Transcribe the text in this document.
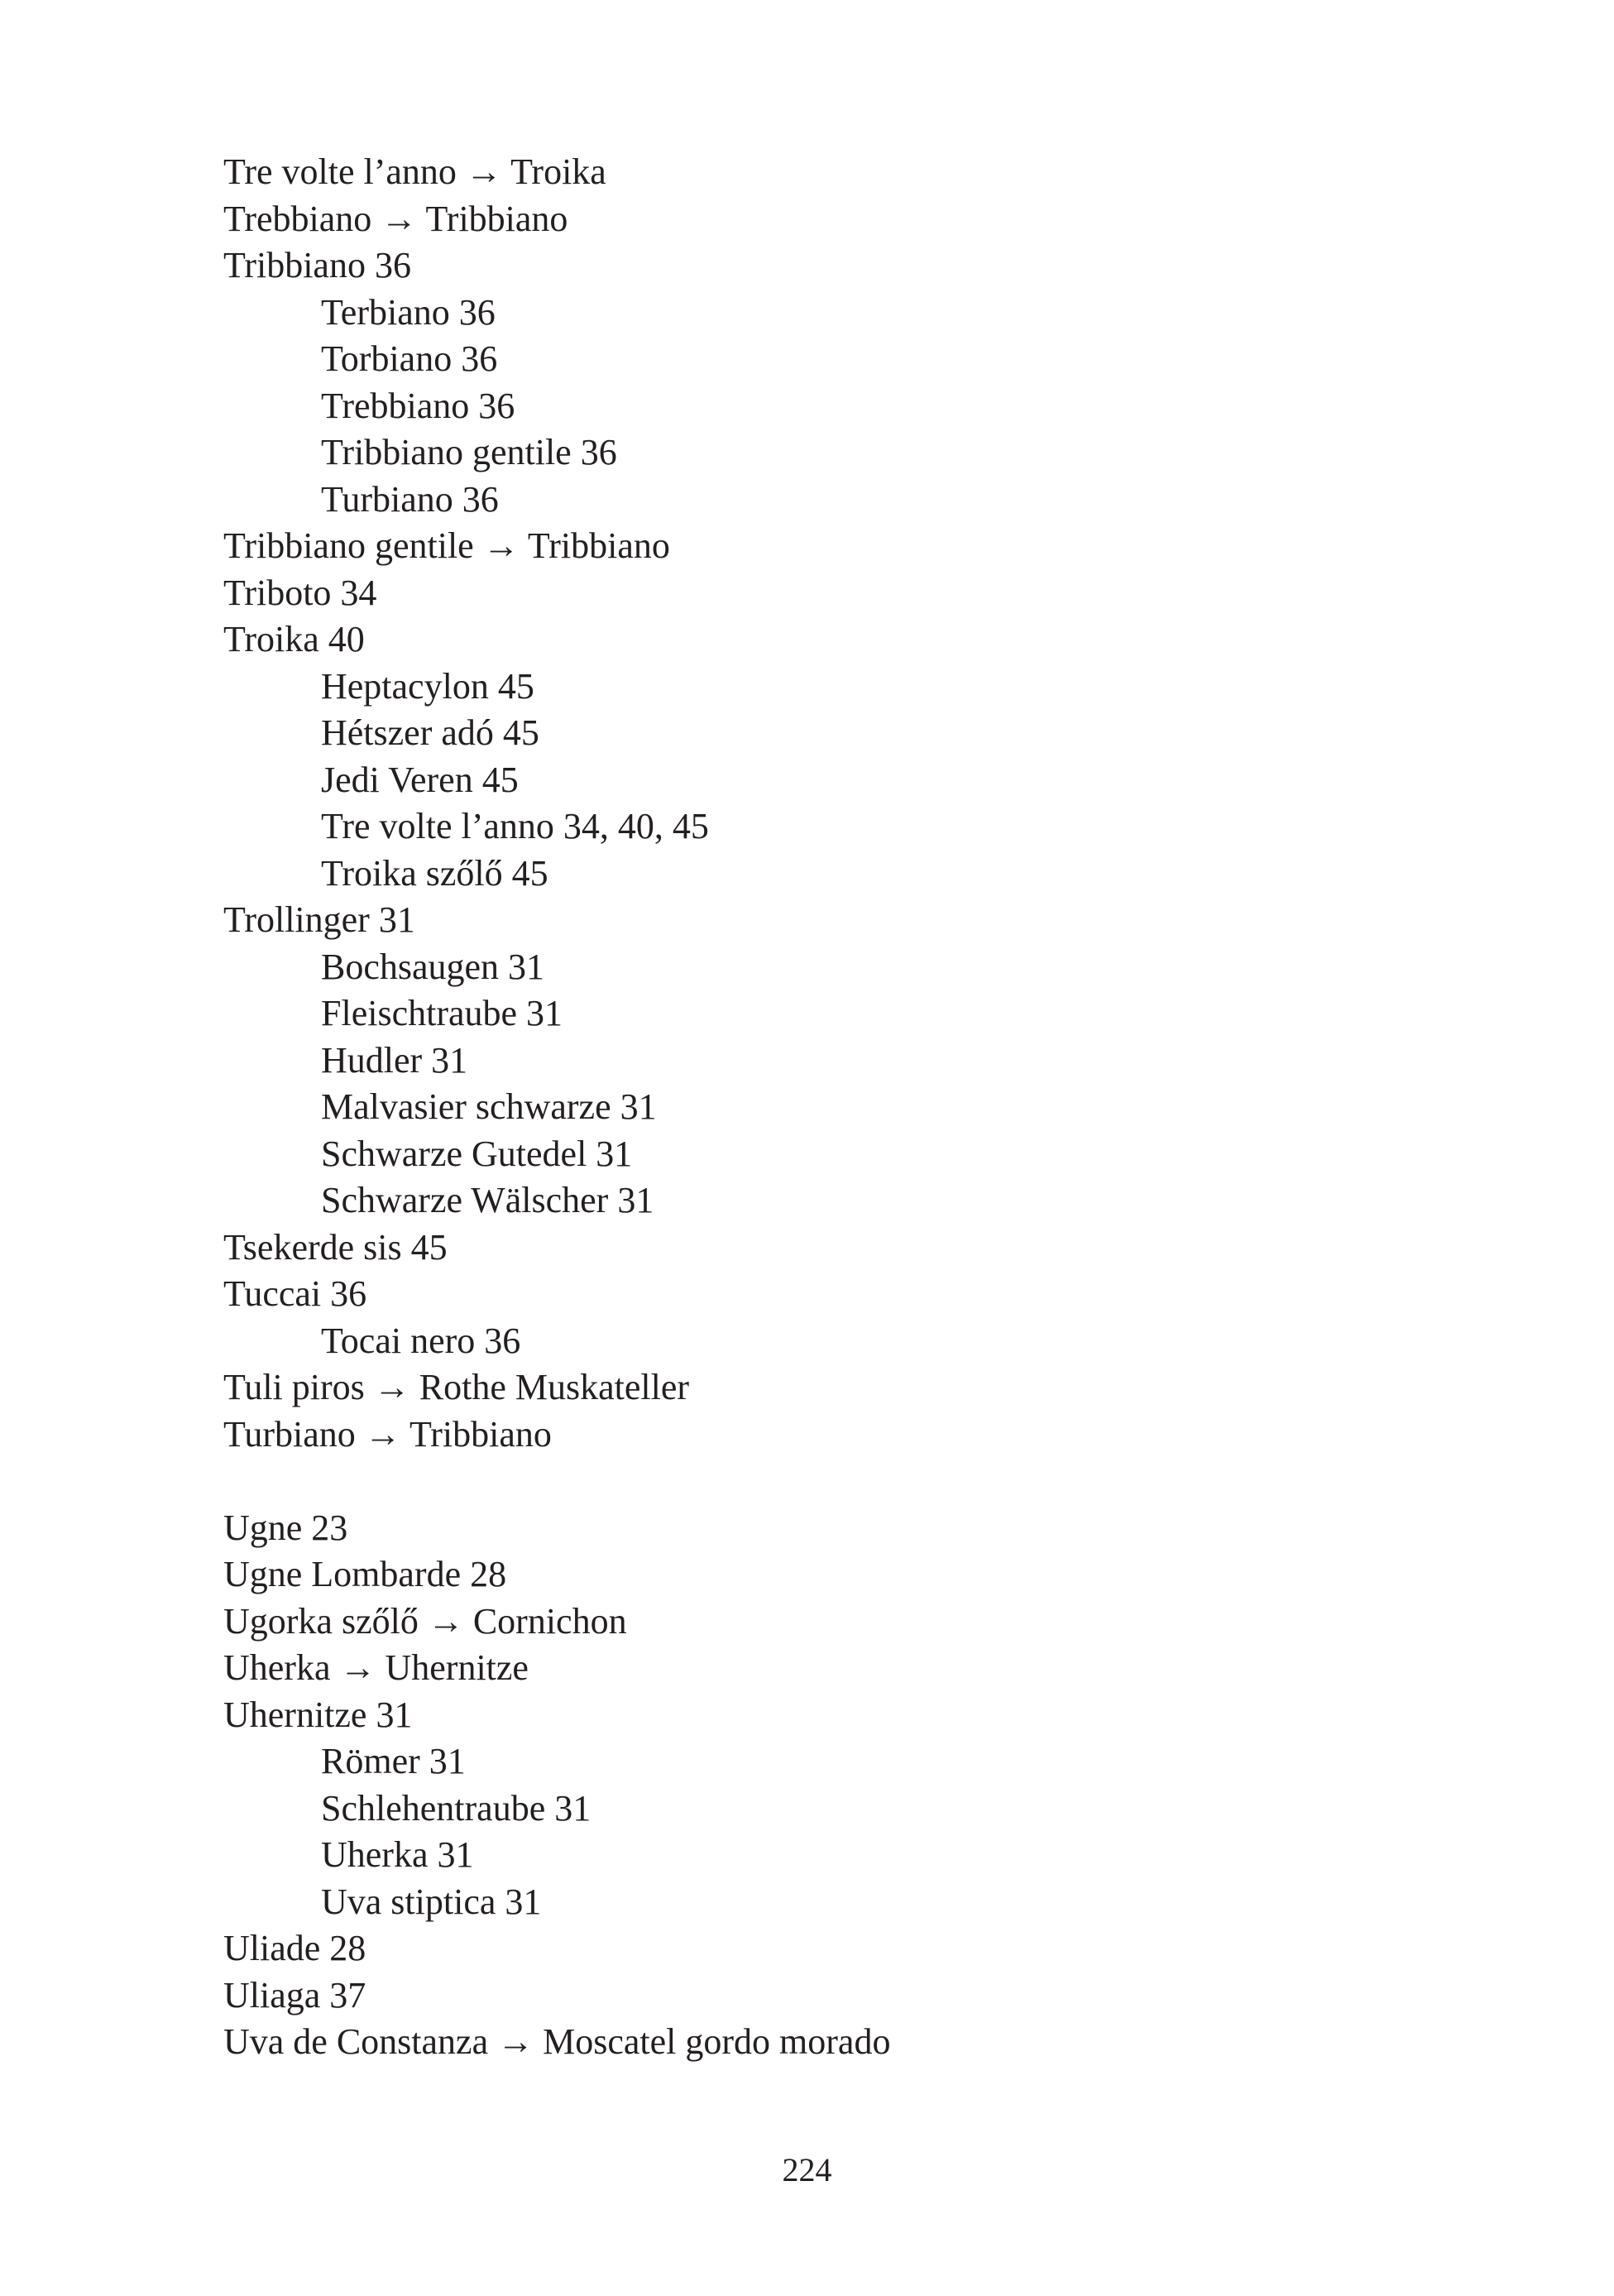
Tre volte l’anno → Troika
Trebbiano → Tribbiano
Tribbiano 36
Terbiano 36
Torbiano 36
Trebbiano 36
Tribbiano gentile 36
Turbiano 36
Tribbiano gentile → Tribbiano
Triboto 34
Troika 40
Heptacylon 45
Hétszer adó 45
Jedi Veren 45
Tre volte l’anno 34, 40, 45
Troika szőlő 45
Trollinger 31
Bochsaugen 31
Fleischtraube 31
Hudler 31
Malvasier schwarze 31
Schwarze Gutedel 31
Schwarze Wälscher 31
Tsekerde sis 45
Tuccai 36
Tocai nero 36
Tuli piros → Rothe Muskateller
Turbiano → Tribbiano
Ugne 23
Ugne Lombarde 28
Ugorka szőlő → Cornichon
Uherka → Uhernitze
Uhernitze 31
Römer 31
Schlehentraube 31
Uherka 31
Uva stiptica 31
Uliade 28
Uliaga 37
Uva de Constanza → Moscatel gordo morado
224
